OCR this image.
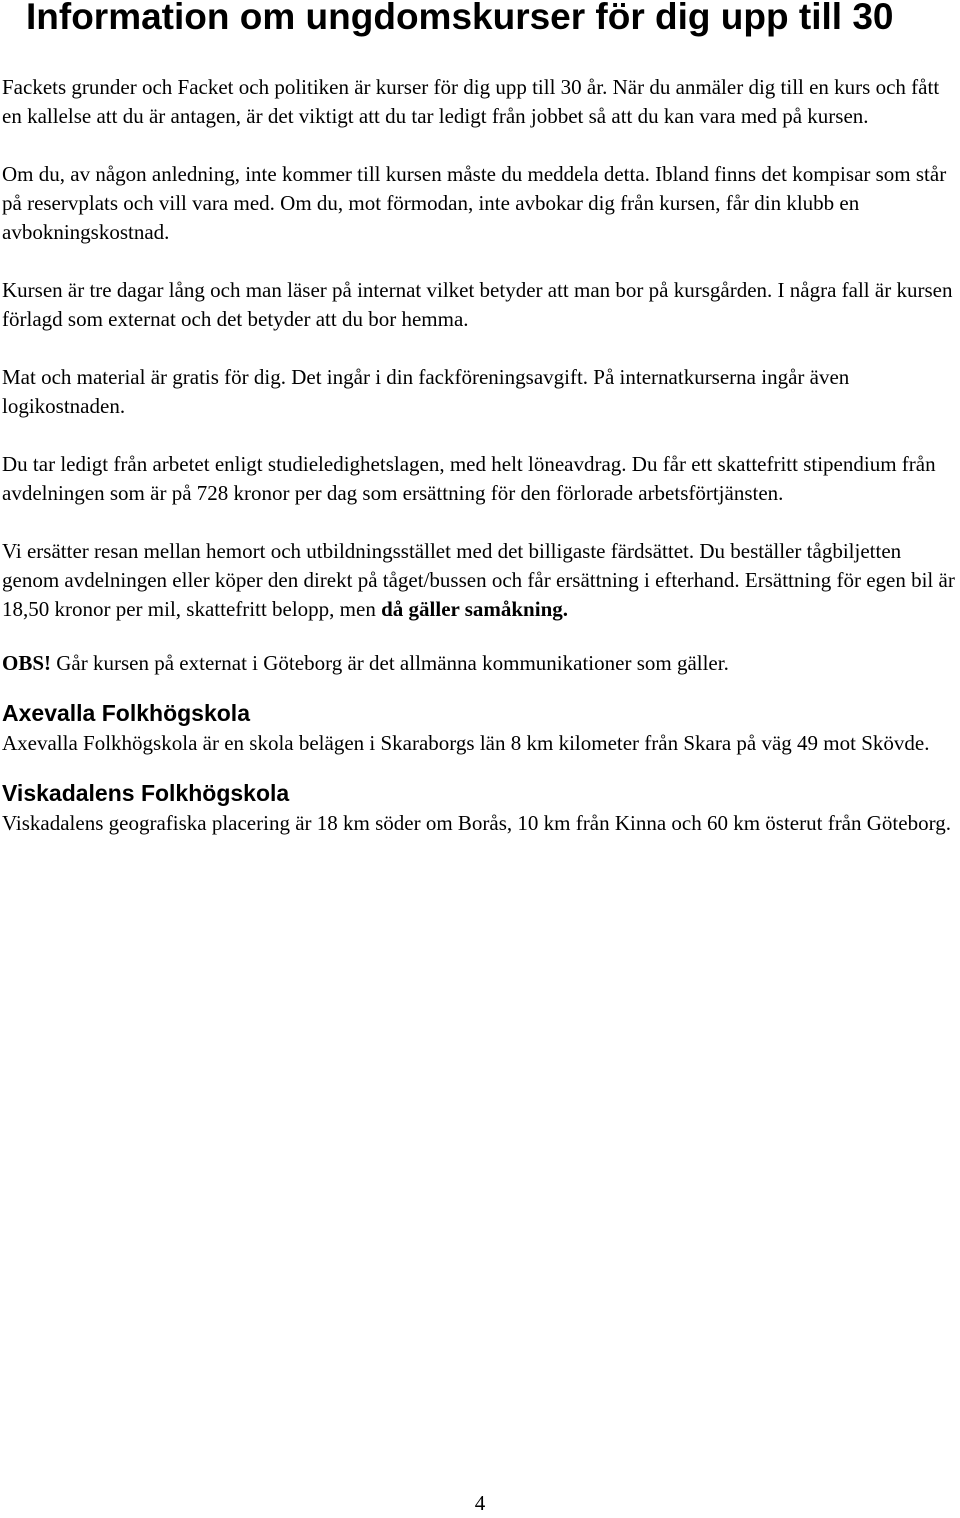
Information om ungdomskurser för dig upp till 30

Fackets grunder och Facket och politiken är kurser för dig upp till 30 år. När du anmäler dig till en kurs och fått en kallelse att du är antagen, är det viktigt att du tar ledigt från jobbet så att du kan vara med på kursen.

Om du, av någon anledning, inte kommer till kursen måste du meddela detta. Ibland finns det kompisar som står på reservplats och vill vara med. Om du, mot förmodan, inte avbokar dig från kursen, får din klubb en avbokningskostnad.

Kursen är tre dagar lång och man läser på internat vilket betyder att man bor på kursgården. I några fall är kursen förlagd som externat och det betyder att du bor hemma.

Mat och material är gratis för dig. Det ingår i din fackföreningsavgift. På internatkurserna ingår även logikostnaden.

Du tar ledigt från arbetet enligt studieledighetslagen, med helt löneavdrag. Du får ett skattefritt stipendium från avdelningen som är på 728 kronor per dag som ersättning för den förlorade arbetsförtjänsten.

Vi ersätter resan mellan hemort och utbildningsstället med det billigaste färdsättet. Du beställer tågbiljetten genom avdelningen eller köper den direkt på tåget/bussen och får ersättning i efterhand. Ersättning för egen bil är 18,50 kronor per mil, skattefritt belopp, men då gäller samåkning.

OBS! Går kursen på externat i Göteborg är det allmänna kommunikationer som gäller.

Axevalla Folkhögskola

Axevalla Folkhögskola är en skola belägen i Skaraborgs län 8 km kilometer från Skara på väg 49 mot Skövde.

Viskadalens Folkhögskola

Viskadalens geografiska placering är 18 km söder om Borås, 10 km från Kinna och 60 km österut från Göteborg.

4
